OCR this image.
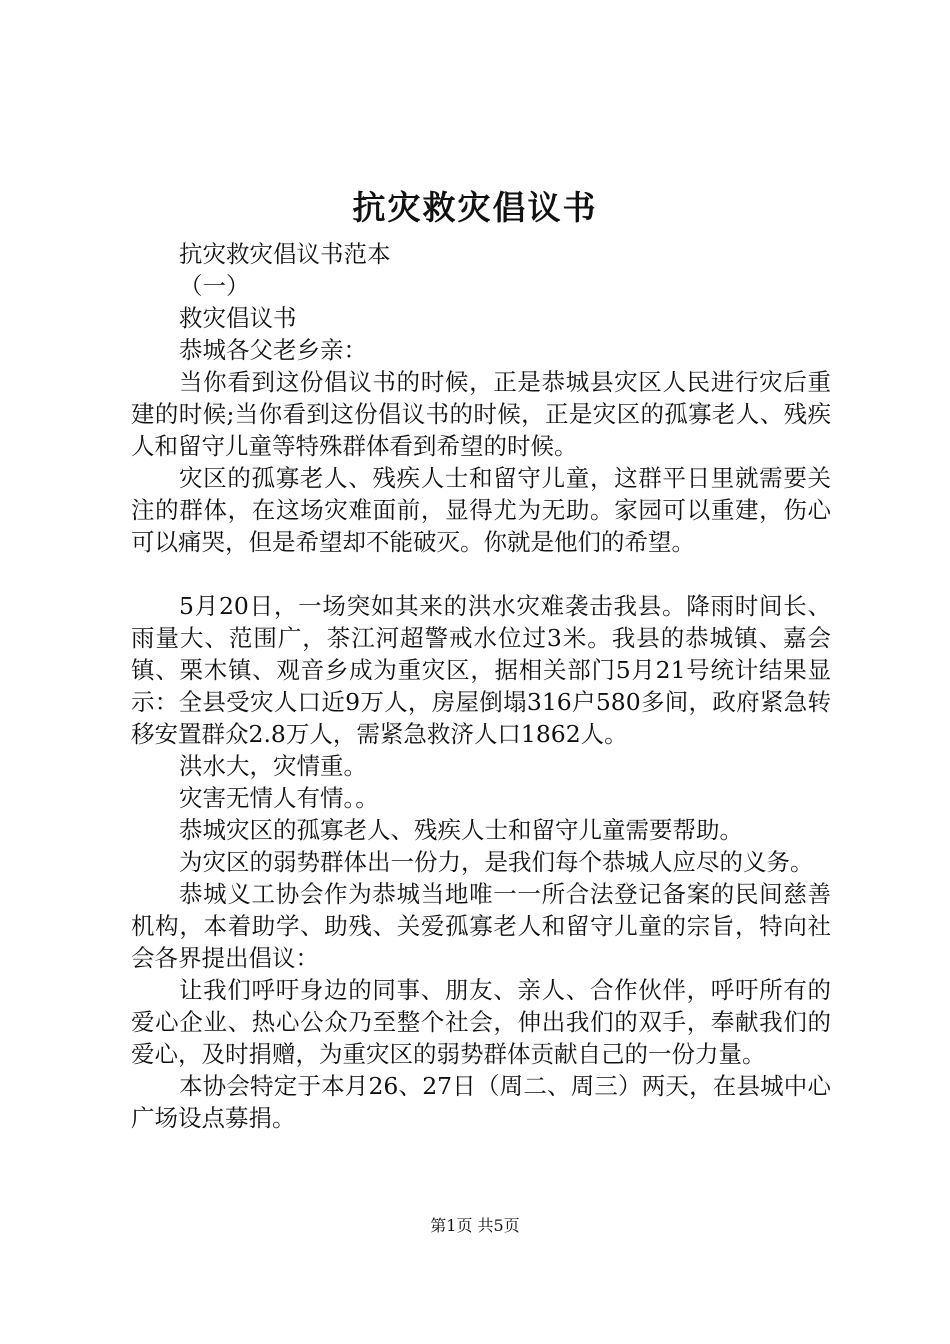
抗灾救灾倡议书

抗灾救灾倡议书范本

（一）

救灾倡议书

恭城各父老乡亲：

当你看到这份倡议书的时候，正是恭城县灾区人民进行灾后重建的时候;当你看到这份倡议书的时候，正是灾区的孤寡老人、残疾人和留守儿童等特殊群体看到希望的时候。

灾区的孤寡老人、残疾人士和留守儿童，这群平日里就需要关注的群体，在这场灾难面前，显得尤为无助。家园可以重建，伤心可以痛哭，但是希望却不能破灭。你就是他们的希望。

5月20日，一场突如其来的洪水灾难袭击我县。降雨时间长、雨量大、范围广，茶江河超警戒水位过3米。我县的恭城镇、嘉会镇、栗木镇、观音乡成为重灾区，据相关部门5月21号统计结果显示：全县受灾人口近9万人，房屋倒塌316户580多间，政府紧急转移安置群众2.8万人，需紧急救济人口1862人。

洪水大，灾情重。

灾害无情人有情。。

恭城灾区的孤寡老人、残疾人士和留守儿童需要帮助。

为灾区的弱势群体出一份力，是我们每个恭城人应尽的义务。

恭城义工协会作为恭城当地唯一一所合法登记备案的民间慈善机构，本着助学、助残、关爱孤寡老人和留守儿童的宗旨，特向社会各界提出倡议：

让我们呼吁身边的同事、朋友、亲人、合作伙伴，呼吁所有的爱心企业、热心公众乃至整个社会，伸出我们的双手，奉献我们的爱心，及时捐赠，为重灾区的弱势群体贡献自己的一份力量。

本协会特定于本月26、27日（周二、周三）两天，在县城中心广场设点募捐。

第1页 共5页
